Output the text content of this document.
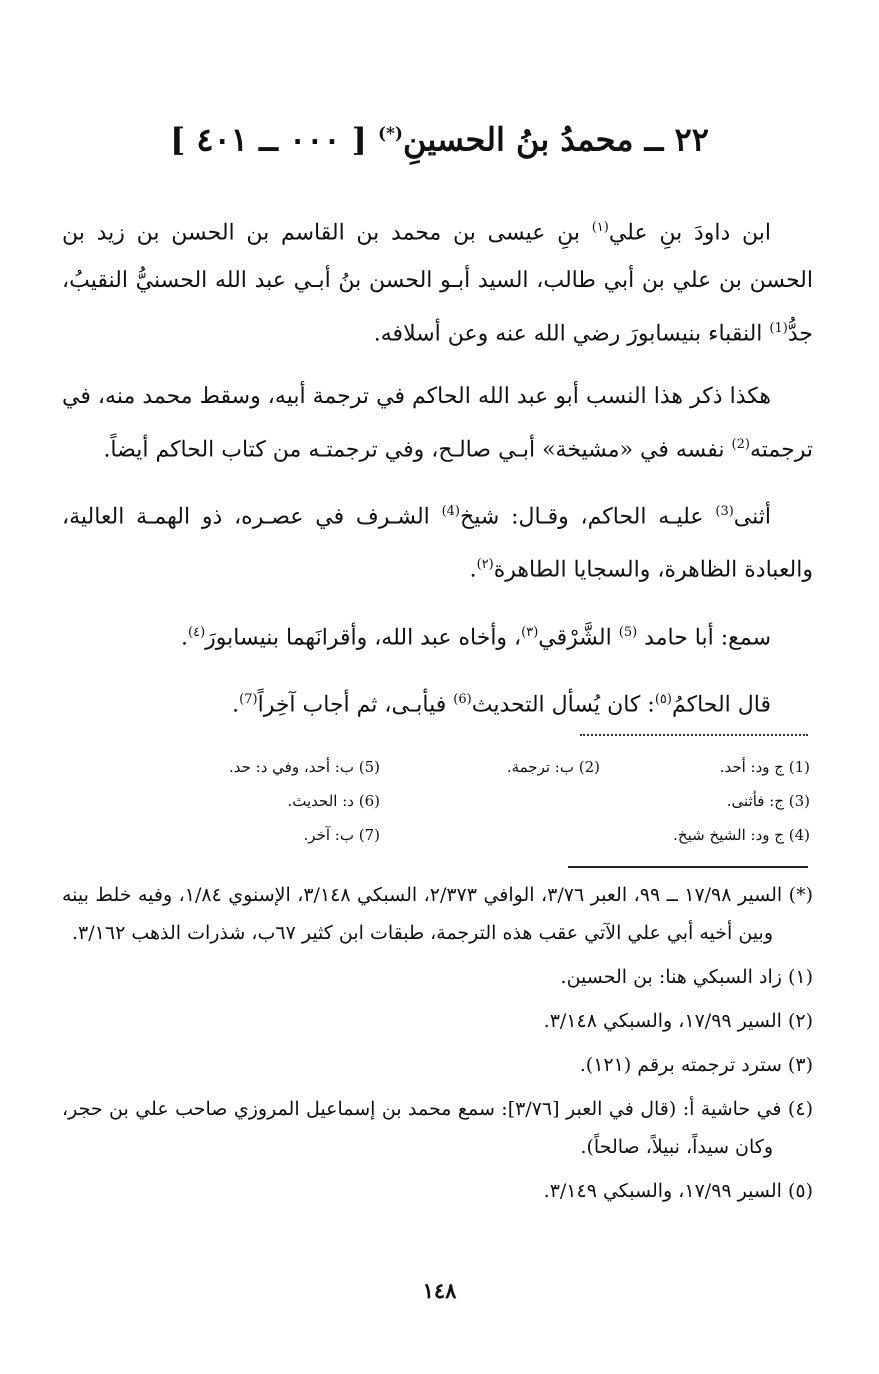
٢٢ ــ محمدُ بنُ الحسينِ(*) [ ٠٠٠ ــ ٤٠١ ]

ابن داودَ بنِ علي$^{(١)}$ بنِ عيسى بن محمد بن القاسم بن الحسن بن زيد بن الحسن بن علي بن أبي طالب، السيد أبـو الحسن بنُ أبـي عبد الله الحسنيُّ النقيبُ، جدُّ$^{(1)}$ النقباء بنيسابورَ رضي الله عنه وعن أسلافه.

هكذا ذكر هذا النسب أبو عبد الله الحاكم في ترجمة أبيه، وسقط محمد منه، في ترجمته$^{(2)}$ نفسه في «مشيخة» أبـي صالـح، وفي ترجمتـه من كتاب الحاكم أيضاً.

أثنى$^{(3)}$ عليـه الحاكم، وقـال: شيخ$^{(4)}$ الشـرف في عصـره، ذو الهمـة العالية، والعبادة الظاهرة، والسجايا الطاهرة$^{(٢)}$.

سمع: أبا حامد $^{(5)}$ الشَّرْقي$^{(٣)}$، وأخاه عبد الله، وأقرانَهما بنيسابورَ$^{(٤)}$.

قال الحاكمُ$^{(٥)}$: كان يُسأل التحديث$^{(6)}$ فيأبـى، ثم أجاب آخِراً$^{(7)}$.

(1) ج ود: أحد.
(2) ب: ترجمة.
(5) ب: أحد، وفي د: حد.
(3) ج: فأثنى.
(6) د: الحديث.
(4) ج ود: الشيخ شيخ.
(7) ب: آخر.

(*) السير ١٧/٩٨ ــ ٩٩، العبر ٣/٧٦، الوافي ٢/٣٧٣، السبكي ٣/١٤٨، الإسنوي ١/٨٤، وفيه خلط بينه وبين أخيه أبي علي الآتي عقب هذه الترجمة، طبقات ابن كثير ٦٧ب، شذرات الذهب ٣/١٦٢.

(١) زاد السبكي هنا: بن الحسين.

(٢) السير ١٧/٩٩، والسبكي ٣/١٤٨.

(٣) سترد ترجمته برقم (١٢١).

(٤) في حاشية أ: (قال في العبر [٣/٧٦]: سمع محمد بن إسماعيل المروزي صاحب علي بن حجر، وكان سيداً، نبيلاً، صالحاً).

(٥) السير ١٧/٩٩، والسبكي ٣/١٤٩.

١٤٨
